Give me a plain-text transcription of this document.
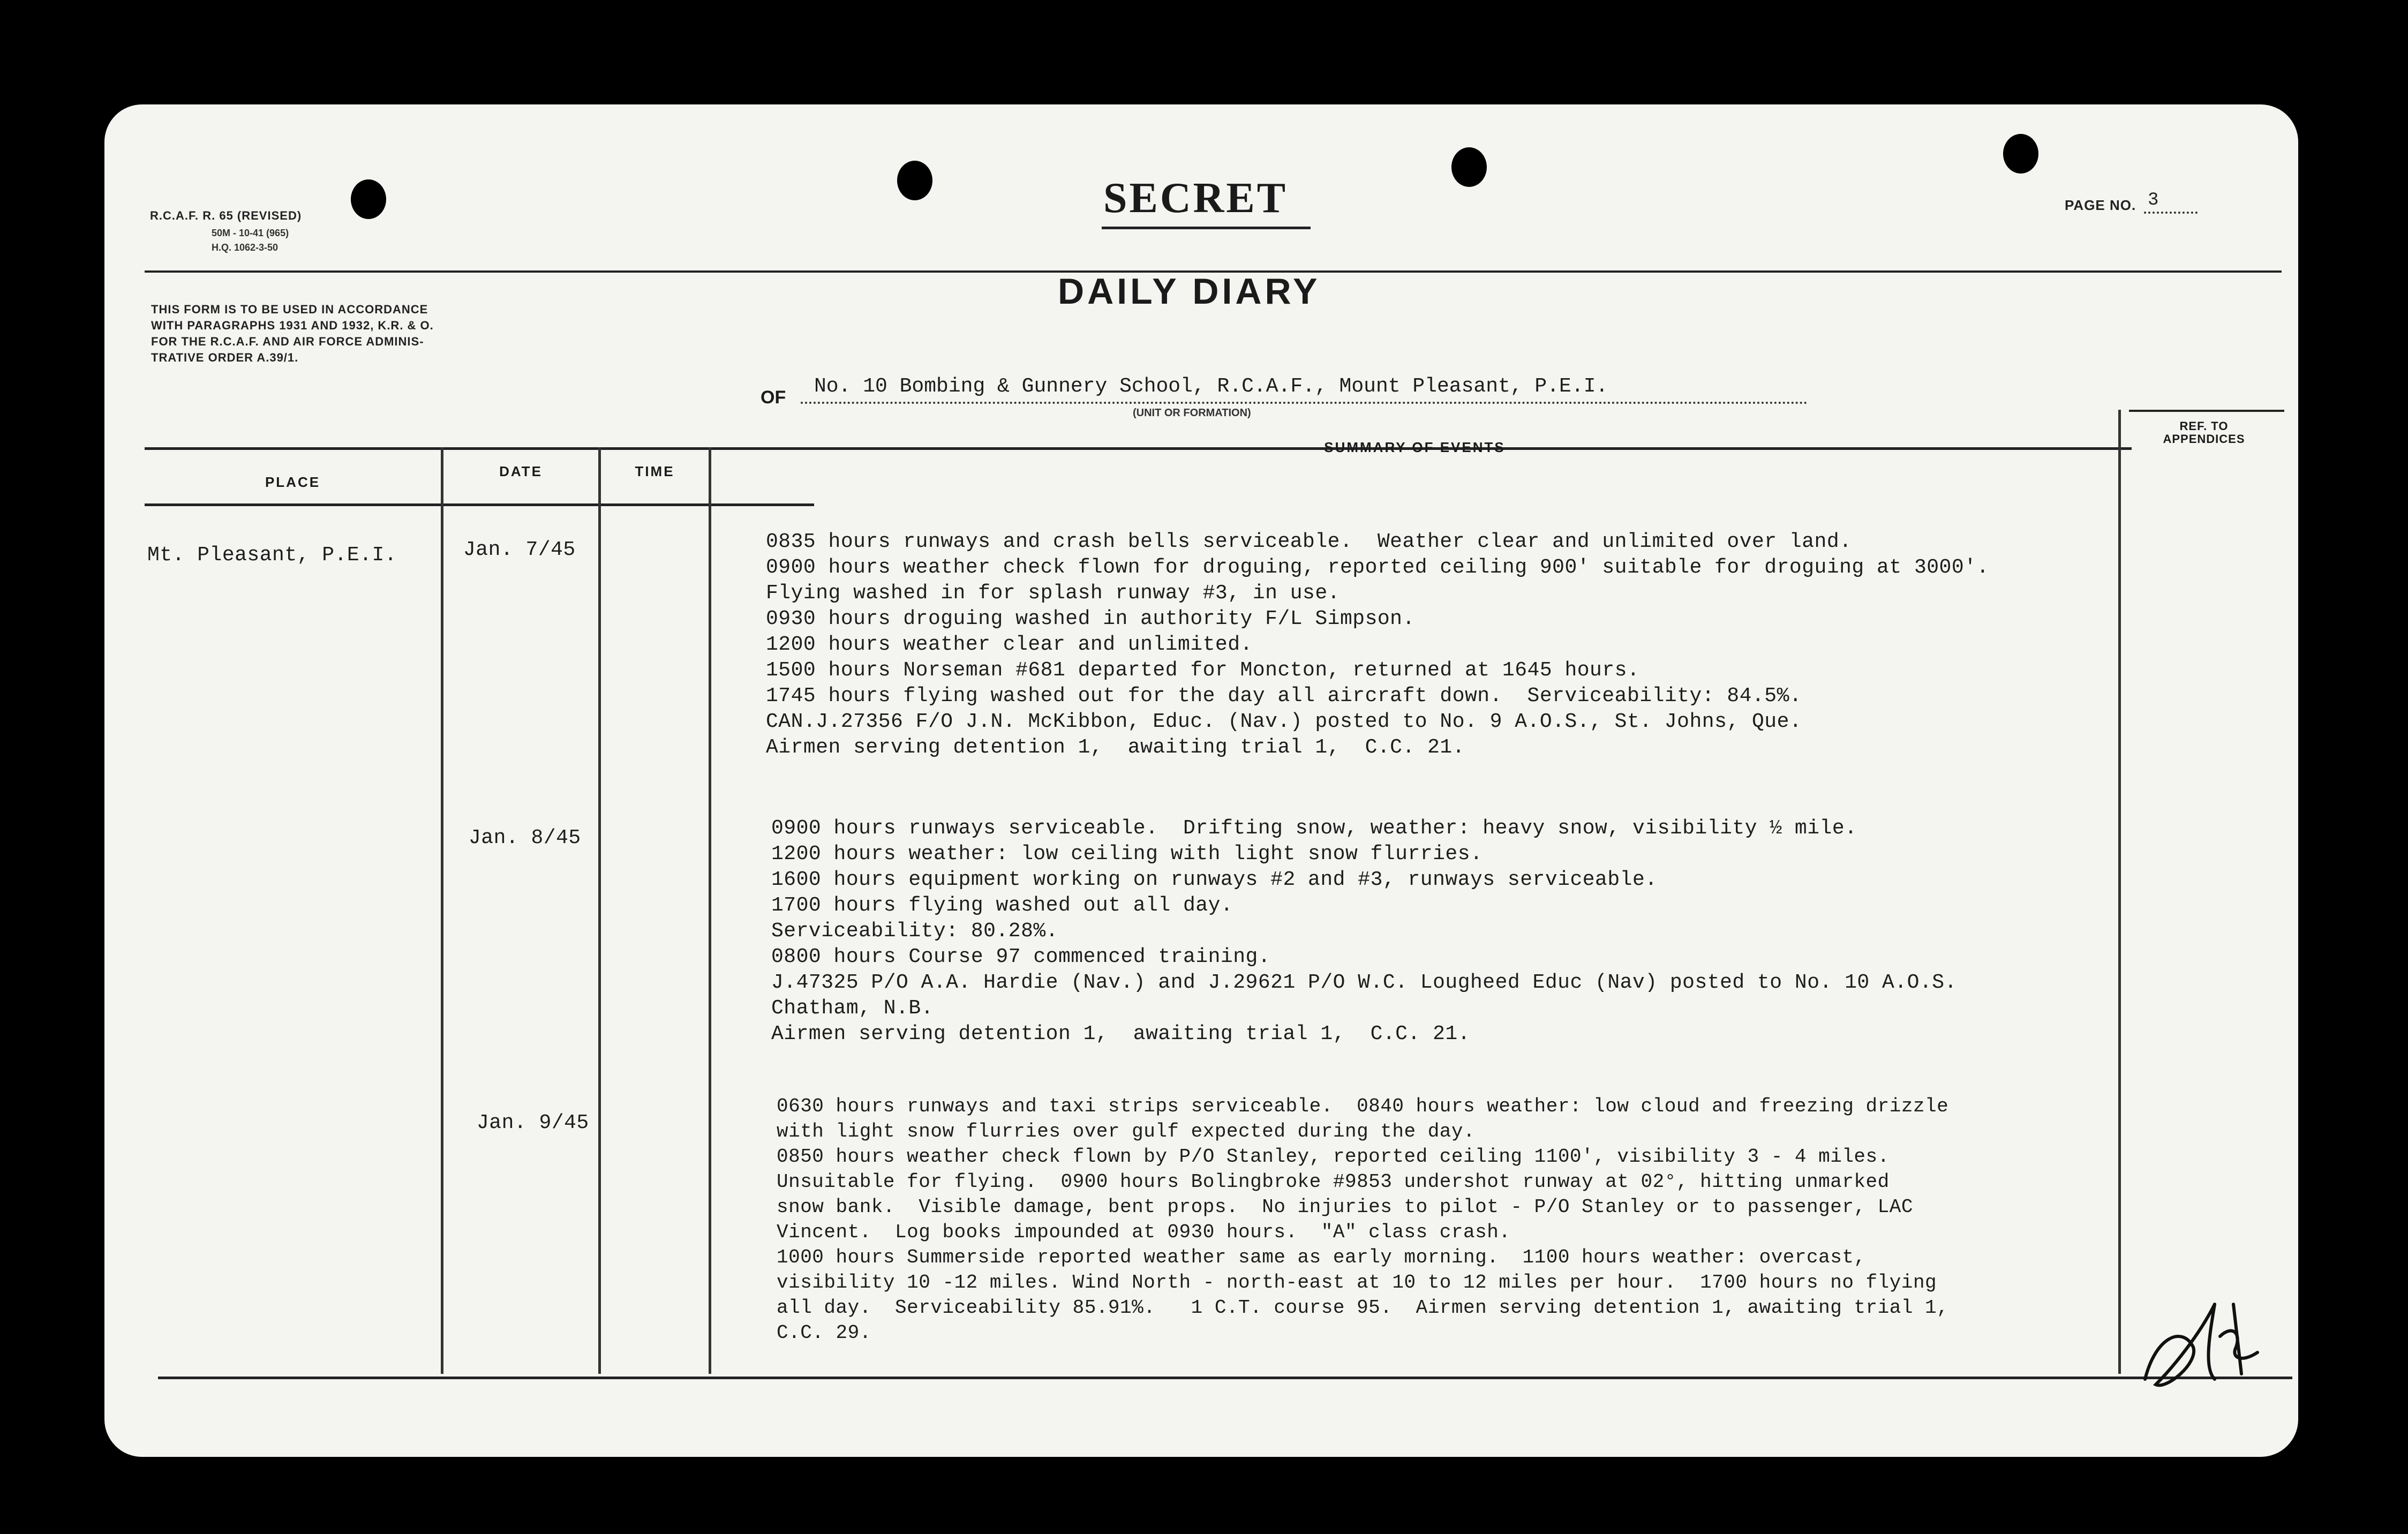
R.C.A.F. R. 65 (REVISED)
50M - 10-41 (965)
H.Q. 1062-3-50
SECRET	PAGE NO. 3
THIS FORM IS TO BE USED IN ACCORDANCE
WITH PARAGRAPHS 1931 AND 1932, K.R. & O.
FOR THE R.C.A.F. AND AIR FORCE ADMINIS-
TRATIVE ORDER A.39/1.
DAILY DIARY
OF No. 10 Bombing & Gunnery School, R.C.A.F., Mount Pleasant, P.E.I.
(UNIT OR FORMATION)
PLACE
DATE	TIME
SUMMARY OF EVENTS
REF. TO
APPENDICES
Mt. Pleasant, P.E.I.	Jan. 7/45	0835 hours runways and crash bells serviceable.  Weather clear and unlimited over land.
0900 hours weather check flown for droguing, reported ceiling 900' suitable for droguing at 3000'.
Flying washed in for splash runway #3, in use.
0930 hours droguing washed in authority F/L Simpson.
1200 hours weather clear and unlimited.
1500 hours Norseman #681 departed for Moncton, returned at 1645 hours.
1745 hours flying washed out for the day all aircraft down.  Serviceability: 84.5%.
CAN.J.27356 F/O J.N. McKibbon, Educ. (Nav.) posted to No. 9 A.O.S., St. Johns, Que.
Airmen serving detention 1,  awaiting trial 1,  C.C. 21.
Jan. 8/45	0900 hours runways serviceable.  Drifting snow, weather: heavy snow, visibility ½ mile.
1200 hours weather: low ceiling with light snow flurries.
1600 hours equipment working on runways #2 and #3, runways serviceable.
1700 hours flying washed out all day.
Serviceability: 80.28%.
0800 hours Course 97 commenced training.
J.47325 P/O A.A. Hardie (Nav.) and J.29621 P/O W.C. Lougheed Educ (Nav) posted to No. 10 A.O.S.
Chatham, N.B.
Airmen serving detention 1,  awaiting trial 1,  C.C. 21.
Jan. 9/45
0630 hours runways and taxi strips serviceable.  0840 hours weather: low cloud and freezing drizzle
with light snow flurries over gulf expected during the day.
0850 hours weather check flown by P/O Stanley, reported ceiling 1100', visibility 3 - 4 miles.
Unsuitable for flying.  0900 hours Bolingbroke #9853 undershot runway at 02°, hitting unmarked
snow bank.  Visible damage, bent props.  No injuries to pilot - P/O Stanley or to passenger, LAC
Vincent.  Log books impounded at 0930 hours.  "A" class crash.
1000 hours Summerside reported weather same as early morning.  1100 hours weather: overcast,
visibility 10 -12 miles. Wind North - north-east at 10 to 12 miles per hour.  1700 hours no flying
all day.  Serviceability 85.91%.   1 C.T. course 95.  Airmen serving detention 1, awaiting trial 1,
C.C. 29.
